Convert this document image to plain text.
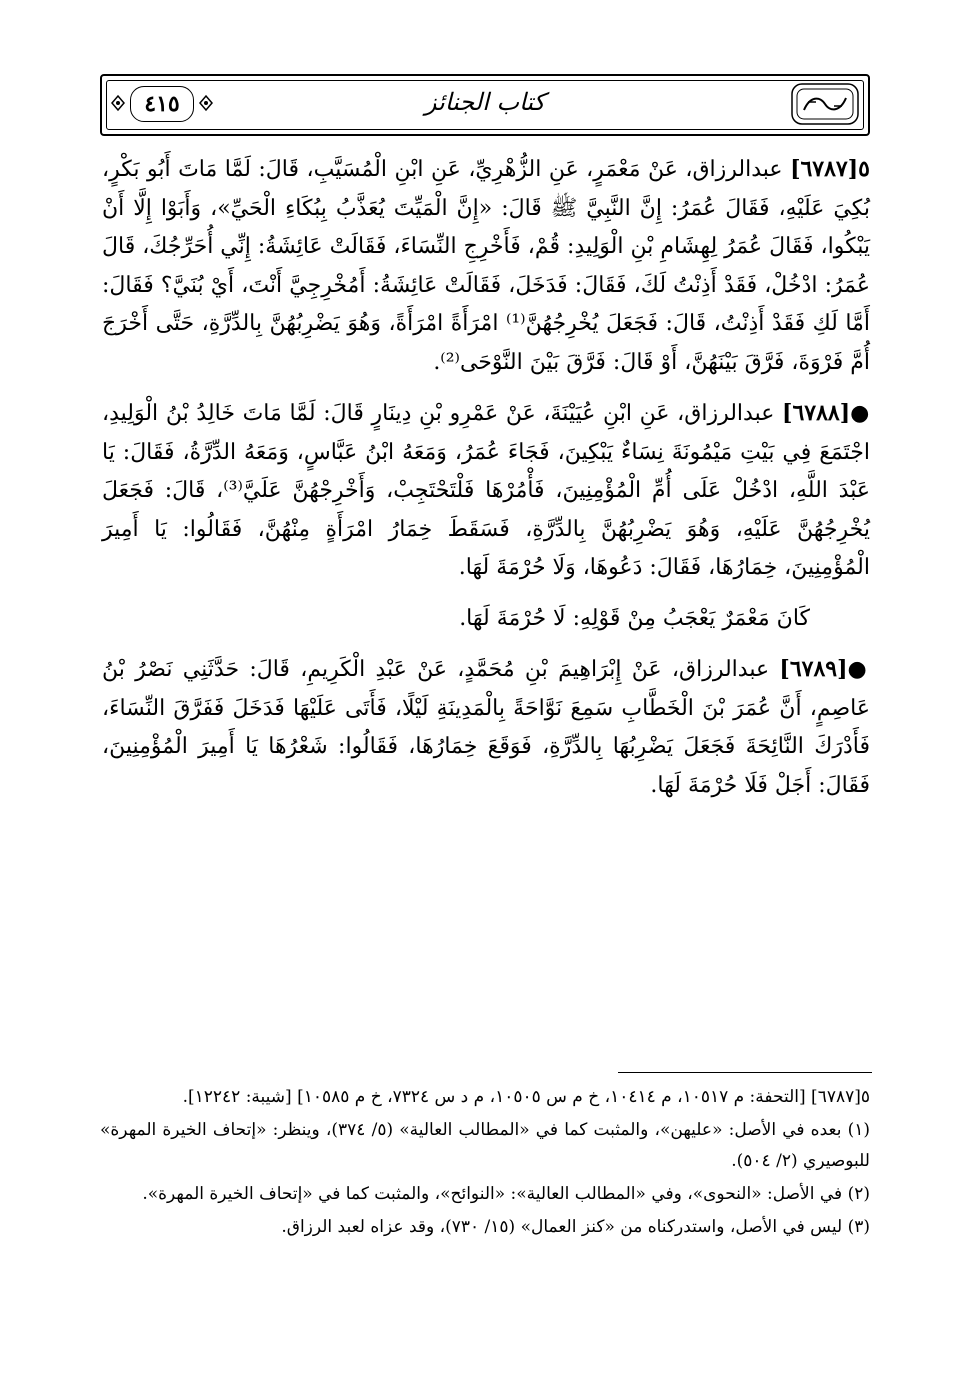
٤١٥	كتاب الجنائز

٥[٦٧٨٧] عبدالرزاق، عَنْ مَعْمَرٍ، عَنِ الزُّهْرِيِّ، عَنِ ابْنِ الْمُسَيَّبِ، قَالَ: لَمَّا مَاتَ أَبُو بَكْرٍ، بُكِيَ عَلَيْهِ، فَقَالَ عُمَرُ: إِنَّ النَّبِيَّ ﷺ قَالَ: «إِنَّ الْمَيِّتَ يُعَذَّبُ بِبُكَاءِ الْحَيِّ»، وَأَبَوْا إِلَّا أَنْ يَبْكُوا، فَقَالَ عُمَرُ لِهِشَامِ بْنِ الْوَلِيدِ: قُمْ، فَأَخْرِجِ النِّسَاءَ، فَقَالَتْ عَائِشَةُ: إِنِّي أُحَرِّجُكَ، قَالَ عُمَرُ: ادْخُلْ، فَقَدْ أَذِنْتُ لَكَ، فَقَالَ: فَدَخَلَ، فَقَالَتْ عَائِشَةُ: أَمُخْرِجِيَّ أَنْتَ، أَيْ بُنَيَّ؟ فَقَالَ: أَمَّا لَكِ فَقَدْ أَذِنْتُ، قَالَ: فَجَعَلَ يُخْرِجُهُنَّ⁽¹⁾ امْرَأَةً امْرَأَةً، وَهُوَ يَضْرِبُهُنَّ بِالدِّرَّةِ، حَتَّى أَخْرَجَ أُمَّ فَرْوَةَ، فَرَّقَ بَيْنَهُنَّ، أَوْ قَالَ: فَرَّقَ بَيْنَ النَّوْحَى⁽²⁾.

●[٦٧٨٨] عبدالرزاق، عَنِ ابْنِ عُيَيْنَةَ، عَنْ عَمْرِو بْنِ دِينَارٍ قَالَ: لَمَّا مَاتَ خَالِدُ بْنُ الْوَلِيدِ، اجْتَمَعَ فِي بَيْتِ مَيْمُونَةَ نِسَاءٌ يَبْكِينَ، فَجَاءَ عُمَرُ، وَمَعَهُ ابْنُ عَبَّاسٍ، وَمَعَهُ الدِّرَّةُ، فَقَالَ: يَا عَبْدَ اللَّهِ، ادْخُلْ عَلَى أُمِّ الْمُؤْمِنِينَ، فَأْمُرْهَا فَلْتَحْتَجِبْ، وَأَخْرِجْهُنَّ عَلَيَّ⁽³⁾، قَالَ: فَجَعَلَ يُخْرِجُهُنَّ عَلَيْهِ، وَهُوَ يَضْرِبُهُنَّ بِالدِّرَّةِ، فَسَقَطَ خِمَارُ امْرَأَةٍ مِنْهُنَّ، فَقَالُوا: يَا أَمِيرَ الْمُؤْمِنِينَ، خِمَارُهَا، فَقَالَ: دَعُوهَا، وَلَا حُرْمَةَ لَهَا.

كَانَ مَعْمَرٌ يَعْجَبُ مِنْ قَوْلِهِ: لَا حُرْمَةَ لَهَا.

●[٦٧٨٩] عبدالرزاق، عَنْ إِبْرَاهِيمَ بْنِ مُحَمَّدٍ، عَنْ عَبْدِ الْكَرِيمِ، قَالَ: حَدَّثَنِي نَصْرُ بْنُ عَاصِمٍ، أَنَّ عُمَرَ بْنَ الْخَطَّابِ سَمِعَ نَوَّاحَةً بِالْمَدِينَةِ لَيْلًا، فَأَتَى عَلَيْهَا فَدَخَلَ فَفَرَّقَ النِّسَاءَ، فَأَدْرَكَ النَّائِحَةَ فَجَعَلَ يَضْرِبُهَا بِالدِّرَّةِ، فَوَقَعَ خِمَارُهَا، فَقَالُوا: شَعْرُهَا يَا أَمِيرَ الْمُؤْمِنِينَ، فَقَالَ: أَجَلْ فَلَا حُرْمَةَ لَهَا.

٥[٦٧٨٧] [التحفة: م ١٠٥١٧، م ١٠٤١٤، خ م س ١٠٥٠٥، م د س ٧٣٢٤، خ م ١٠٥٨٥] [شيبة: ١٢٢٤٢].

(١) بعده في الأصل: «عليهن»، والمثبت كما في «المطالب العالية» (٥/ ٣٧٤)، وينظر: «إتحاف الخيرة المهرة» للبوصيري (٢/ ٥٠٤).

(٢) في الأصل: «النحوى»، وفي «المطالب العالية»: «النوائح»، والمثبت كما في «إتحاف الخيرة المهرة».

(٣) ليس في الأصل، واستدركناه من «كنز العمال» (١٥/ ٧٣٠)، وقد عزاه لعبد الرزاق.
